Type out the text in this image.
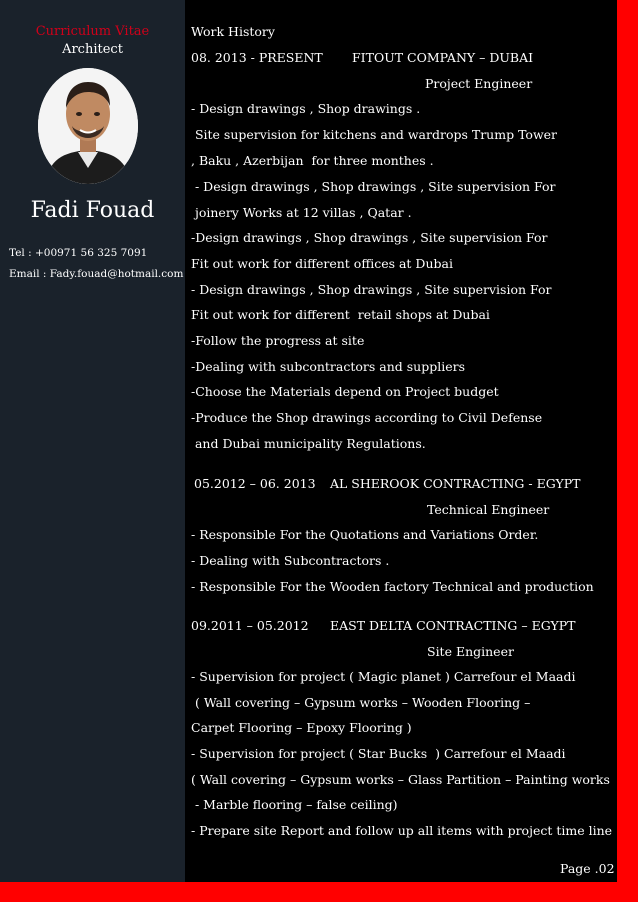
Curriculum Vitae
Architect
Fadi Fouad
Tel : +00971 56 325 7091
Email : Fady.fouad@hotmail.com
Work History
08. 2013 - PRESENT FITOUT COMPANY – DUBAI
Project Engineer
- Design drawings , Shop drawings .
Site supervision for kitchens and wardrops Trump Tower
, Baku , Azerbijan  for three monthes .
- Design drawings , Shop drawings , Site supervision For
joinery Works at 12 villas , Qatar .
-Design drawings , Shop drawings , Site supervision For
Fit out work for different offices at Dubai
- Design drawings , Shop drawings , Site supervision For
Fit out work for different  retail shops at Dubai
-Follow the progress at site
-Dealing with subcontractors and suppliers
-Choose the Materials depend on Project budget
-Produce the Shop drawings according to Civil Defense
and Dubai municipality Regulations.
05.2012 – 06. 2013 AL SHEROOK CONTRACTING - EGYPT
Technical Engineer
- Responsible For the Quotations and Variations Order.
- Dealing with Subcontractors .
- Responsible For the Wooden factory Technical and production
09.2011 – 05.2012 EAST DELTA CONTRACTING – EGYPT
Site Engineer
- Supervision for project ( Magic planet ) Carrefour el Maadi
( Wall covering – Gypsum works – Wooden Flooring –
Carpet Flooring – Epoxy Flooring )
- Supervision for project ( Star Bucks  ) Carrefour el Maadi
( Wall covering – Gypsum works – Glass Partition – Painting works
- Marble flooring – false ceiling)
- Prepare site Report and follow up all items with project time line
Page .02
